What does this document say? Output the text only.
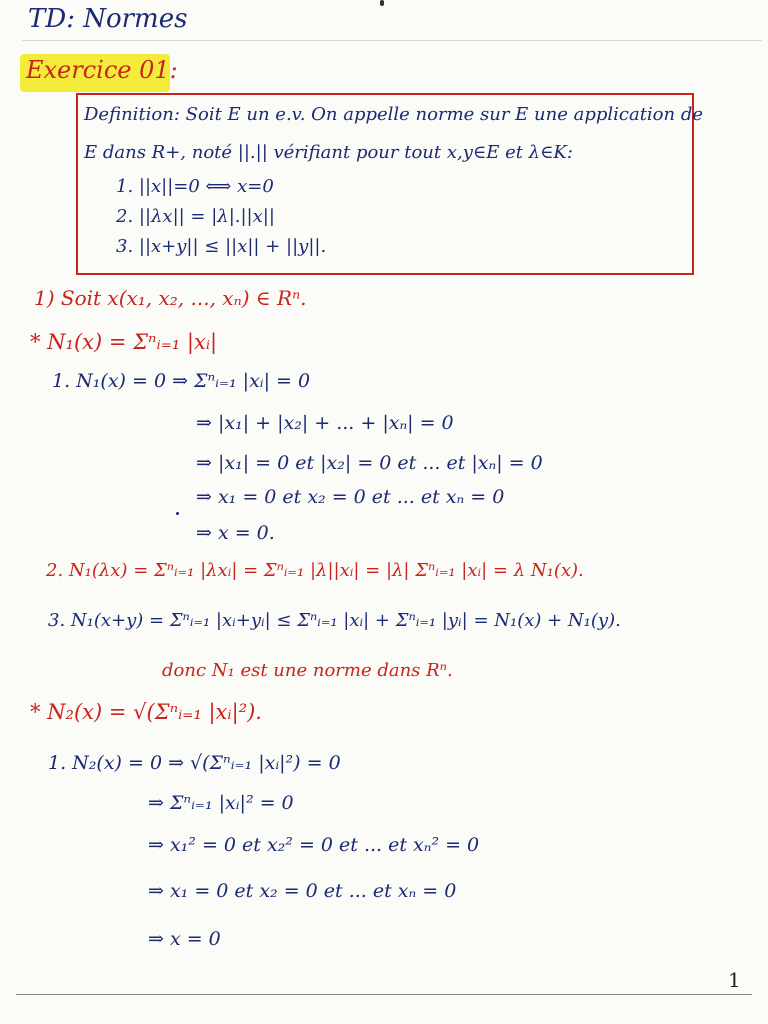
TD: Normes
Exercice 01:
Definition: Soit E un e.v. On appelle norme sur E une application de
E dans R+, noté ||.|| vérifiant pour tout x,y∈E et λ∈K:
1. ||x||=0 ⟺ x=0
2. ||λx|| = |λ|.||x||
3. ||x+y|| ≤ ||x|| + ||y||.
1) Soit x(x₁, x₂, ..., xₙ) ∈ Rⁿ.
* N₁(x) = Σⁿᵢ₌₁ |xᵢ|
1. N₁(x) = 0 ⇒ Σⁿᵢ₌₁ |xᵢ| = 0
⇒ |x₁| + |x₂| + ... + |xₙ| = 0
⇒ |x₁| = 0 et |x₂| = 0 et ... et |xₙ| = 0
⇒ x₁ = 0 et x₂ = 0 et ... et xₙ = 0
⇒ x = 0.
2. N₁(λx) = Σⁿᵢ₌₁ |λxᵢ| = Σⁿᵢ₌₁ |λ||xᵢ| = |λ| Σⁿᵢ₌₁ |xᵢ| = λ N₁(x).
3. N₁(x+y) = Σⁿᵢ₌₁ |xᵢ+yᵢ| ≤ Σⁿᵢ₌₁ |xᵢ| + Σⁿᵢ₌₁ |yᵢ| = N₁(x) + N₁(y).
donc N₁ est une norme dans Rⁿ.
* N₂(x) = √(Σⁿᵢ₌₁ |xᵢ|²).
1. N₂(x) = 0 ⇒ √(Σⁿᵢ₌₁ |xᵢ|²) = 0
⇒ Σⁿᵢ₌₁ |xᵢ|² = 0
⇒ x₁² = 0 et x₂² = 0 et ... et xₙ² = 0
⇒ x₁ = 0 et x₂ = 0 et ... et xₙ = 0
⇒ x = 0
1
